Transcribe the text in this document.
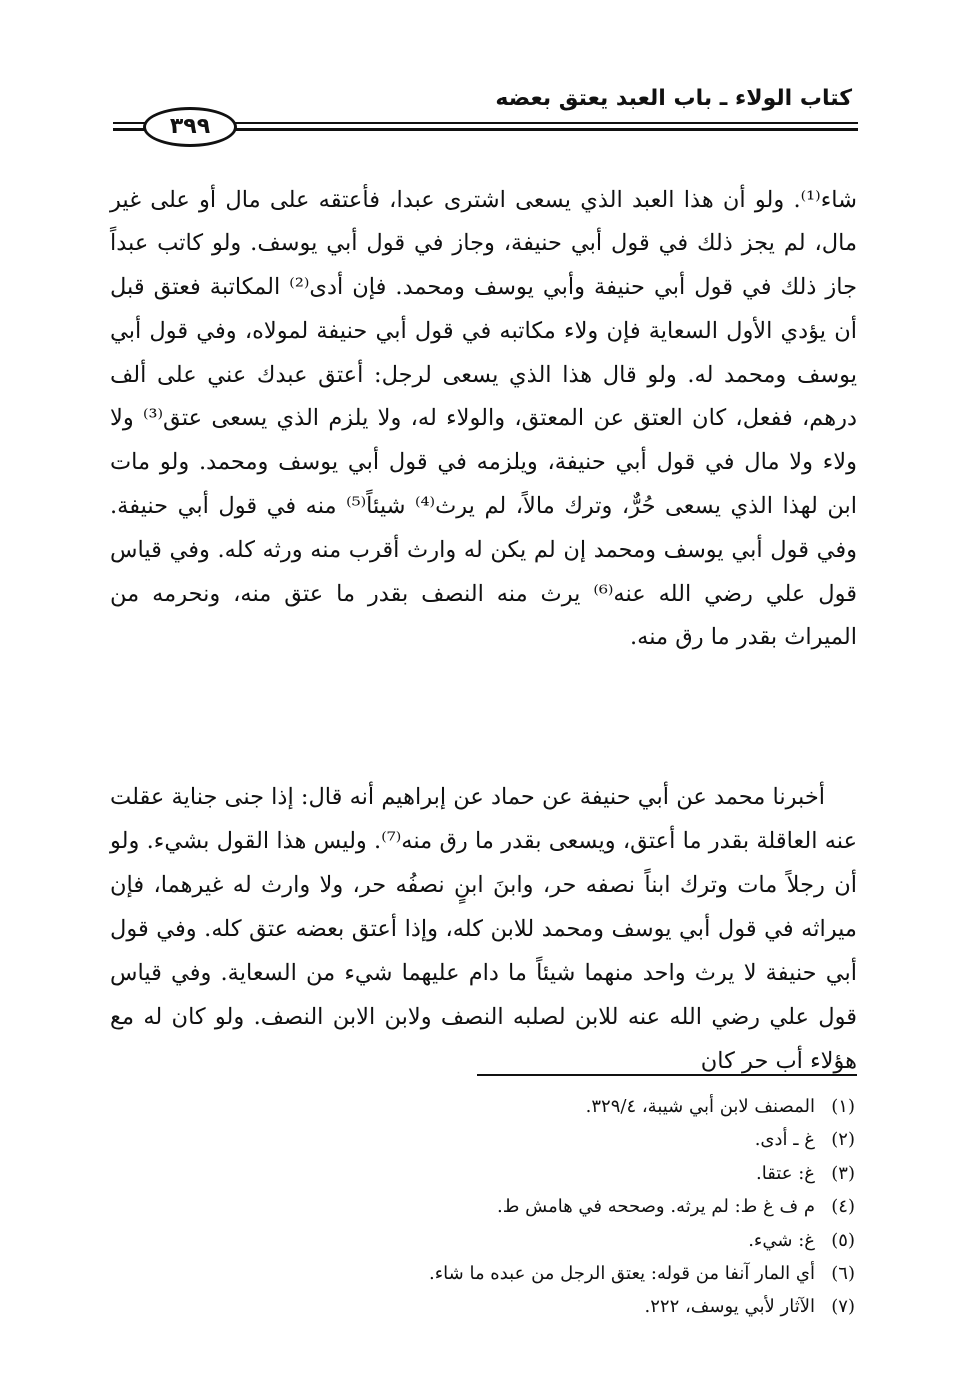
كتاب الولاء ـ باب العبد يعتق بعضه
٣٩٩

شاء⁽¹⁾. ولو أن هذا العبد الذي يسعى اشترى عبدا، فأعتقه على مال أو على غير مال، لم يجز ذلك في قول أبي حنيفة، وجاز في قول أبي يوسف. ولو كاتب عبداً جاز ذلك في قول أبي حنيفة وأبي يوسف ومحمد. فإن أدى⁽²⁾ المكاتبة فعتق قبل أن يؤدي الأول السعاية فإن ولاء مكاتبه في قول أبي حنيفة لمولاه، وفي قول أبي يوسف ومحمد له. ولو قال هذا الذي يسعى لرجل: أعتق عبدك عني على ألف درهم، ففعل، كان العتق عن المعتق، والولاء له، ولا يلزم الذي يسعى عتق⁽³⁾ ولا ولاء ولا مال في قول أبي حنيفة، ويلزمه في قول أبي يوسف ومحمد. ولو مات ابن لهذا الذي يسعى حُرٌّ، وترك مالاً، لم يرث⁽⁴⁾ شيئاً⁽⁵⁾ منه في قول أبي حنيفة. وفي قول أبي يوسف ومحمد إن لم يكن له وارث أقرب منه ورثه كله. وفي قياس قول علي رضي الله عنه⁽⁶⁾ يرث منه النصف بقدر ما عتق منه، ونحرمه من الميراث بقدر ما رق منه.

أخبرنا محمد عن أبي حنيفة عن حماد عن إبراهيم أنه قال: إذا جنى جناية عقلت عنه العاقلة بقدر ما أعتق، ويسعى بقدر ما رق منه⁽⁷⁾. وليس هذا القول بشيء. ولو أن رجلاً مات وترك ابناً نصفه حر، وابنَ ابنٍ نصفُه حر، ولا وارث له غيرهما، فإن ميراثه في قول أبي يوسف ومحمد للابن كله، وإذا أعتق بعضه عتق كله. وفي قول أبي حنيفة لا يرث واحد منهما شيئاً ما دام عليهما شيء من السعاية. وفي قياس قول علي رضي الله عنه للابن لصلبه النصف ولابن الابن النصف. ولو كان له مع هؤلاء أب حر كان

(١)المصنف لابن أبي شيبة، ٣٢٩/٤.
(٢)غ ـ أدى.
(٣)غ: عتقا.
(٤)م ف غ ط: لم يرثه. وصححه في هامش ط.
(٥)غ: شيء.
(٦)أي المار آنفا من قوله: يعتق الرجل من عبده ما شاء.
(٧)الآثار لأبي يوسف، ٢٢٢.
